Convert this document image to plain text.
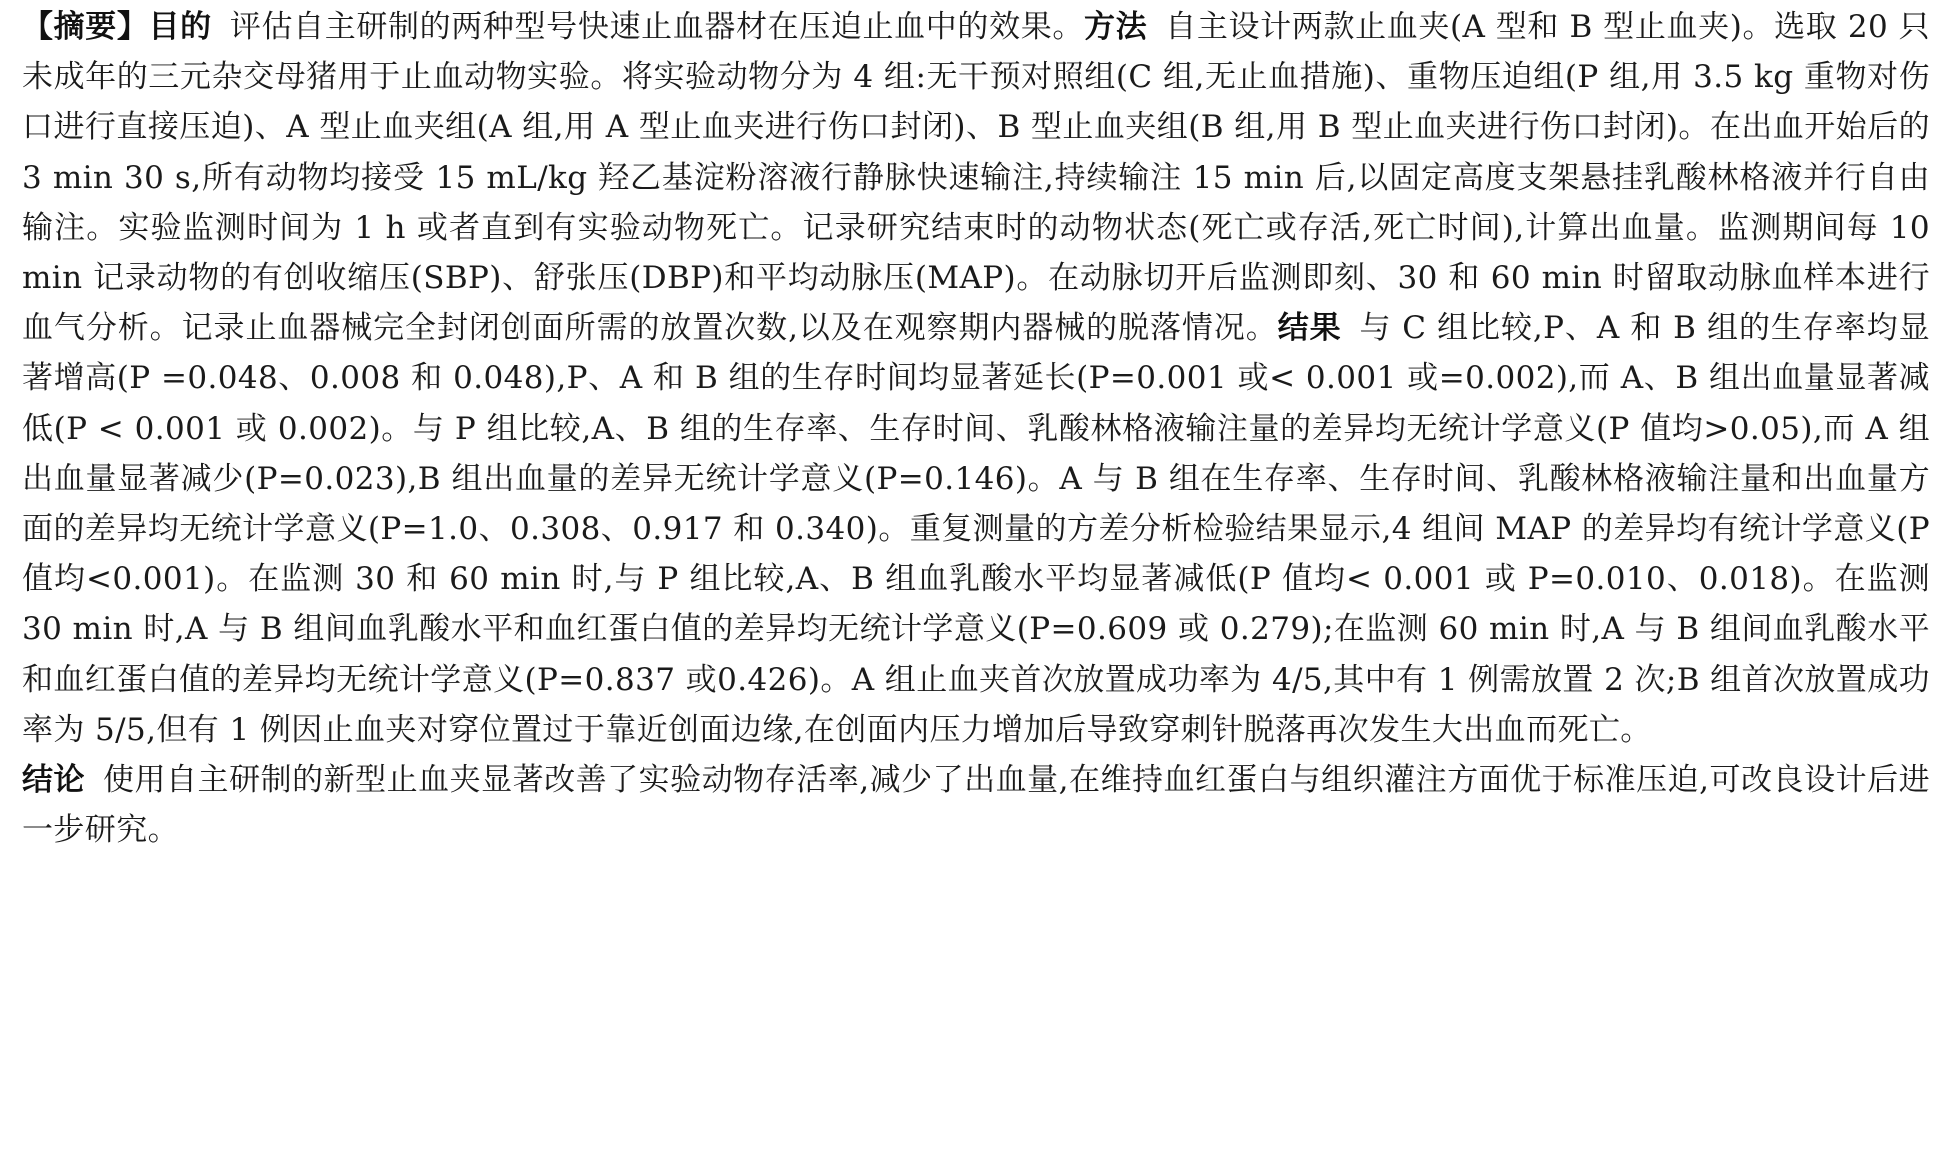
【摘要】目的 评估自主研制的两种型号快速止血器材在压迫止血中的效果。方法 自主设计两款止血夹(A 型和 B 型止血夹)。选取 20 只未成年的三元杂交母猪用于止血动物实验。将实验动物分为 4 组:无干预对照组(C 组,无止血措施)、重物压迫组(P 组,用 3.5 kg 重物对伤口进行直接压迫)、A 型止血夹组(A 组,用 A 型止血夹进行伤口封闭)、B 型止血夹组(B 组,用 B 型止血夹进行伤口封闭)。在出血开始后的 3 min 30 s,所有动物均接受 15 mL/kg 羟乙基淀粉溶液行静脉快速输注,持续输注 15 min 后,以固定高度支架悬挂乳酸林格液并行自由输注。实验监测时间为 1 h 或者直到有实验动物死亡。记录研究结束时的动物状态(死亡或存活,死亡时间),计算出血量。监测期间每 10 min 记录动物的有创收缩压(SBP)、舒张压(DBP)和平均动脉压(MAP)。在动脉切开后监测即刻、30 和 60 min 时留取动脉血样本进行血气分析。记录止血器械完全封闭创面所需的放置次数,以及在观察期内器械的脱落情况。结果 与 C 组比较,P、A 和 B 组的生存率均显著增高(P =0.048、0.008 和 0.048),P、A 和 B 组的生存时间均显著延长(P=0.001 或< 0.001 或=0.002),而 A、B 组出血量显著减低(P < 0.001 或 0.002)。与 P 组比较,A、B 组的生存率、生存时间、乳酸林格液输注量的差异均无统计学意义(P 值均>0.05),而 A 组出血量显著减少(P=0.023),B 组出血量的差异无统计学意义(P=0.146)。A 与 B 组在生存率、生存时间、乳酸林格液输注量和出血量方面的差异均无统计学意义(P=1.0、0.308、0.917 和 0.340)。重复测量的方差分析检验结果显示,4 组间 MAP 的差异均有统计学意义(P 值均<0.001)。在监测 30 和 60 min 时,与 P 组比较,A、B 组血乳酸水平均显著减低(P 值均< 0.001 或 P=0.010、0.018)。在监测 30 min 时,A 与 B 组间血乳酸水平和血红蛋白值的差异均无统计学意义(P=0.609 或 0.279);在监测 60 min 时,A 与 B 组间血乳酸水平和血红蛋白值的差异均无统计学意义(P=0.837 或0.426)。A 组止血夹首次放置成功率为 4/5,其中有 1 例需放置 2 次;B 组首次放置成功率为 5/5,但有 1 例因止血夹对穿位置过于靠近创面边缘,在创面内压力增加后导致穿刺针脱落再次发生大出血而死亡。
结论 使用自主研制的新型止血夹显著改善了实验动物存活率,减少了出血量,在维持血红蛋白与组织灌注方面优于标准压迫,可改良设计后进一步研究。
